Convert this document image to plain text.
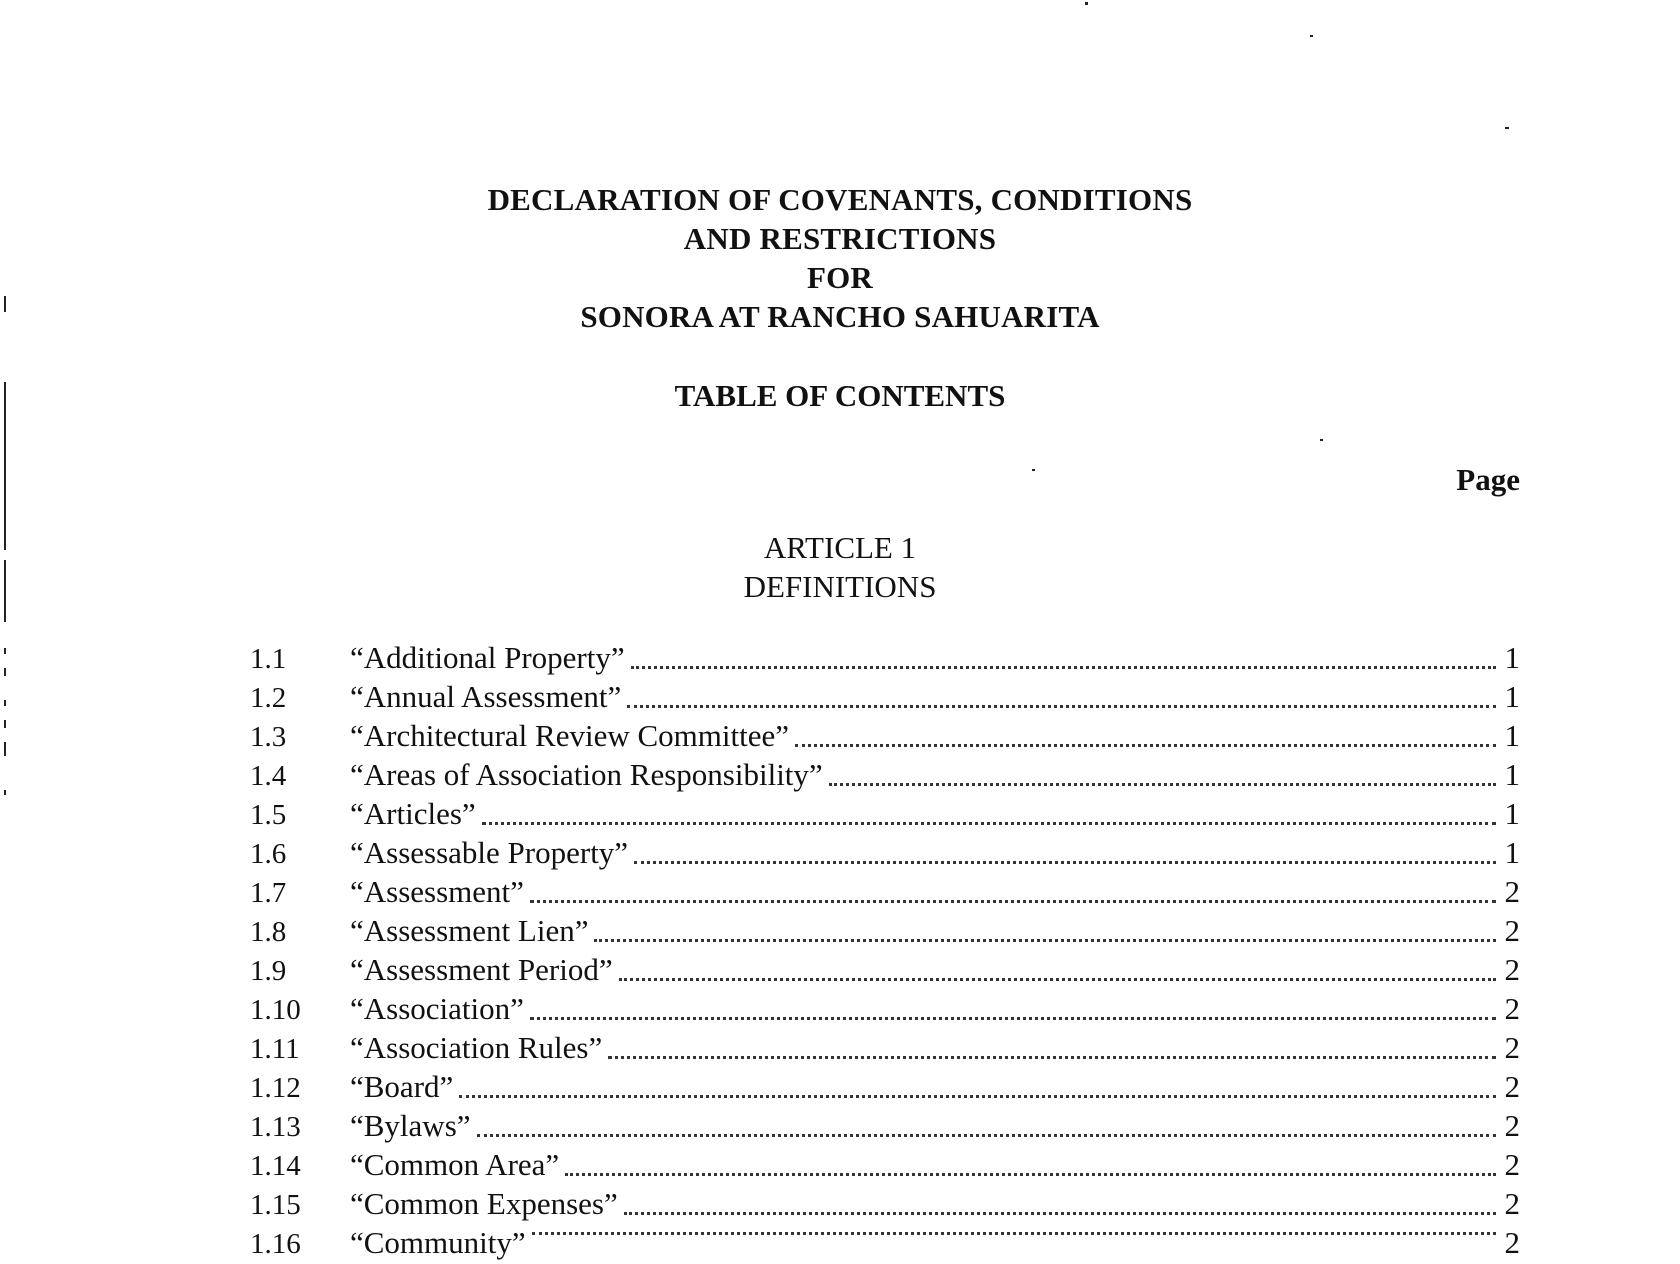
DECLARATION OF COVENANTS, CONDITIONS
AND RESTRICTIONS
FOR
SONORA AT RANCHO SAHUARITA
TABLE OF CONTENTS
Page
ARTICLE 1
DEFINITIONS
1.1	“Additional Property”	1
1.2	“Annual Assessment”	1
1.3	“Architectural Review Committee”	1
1.4	“Areas of Association Responsibility”	1
1.5	“Articles”	1
1.6	“Assessable Property”	1
1.7	“Assessment”	2
1.8	“Assessment Lien”	2
1.9	“Assessment Period”	2
1.10	“Association”	2
1.11	“Association Rules”	2
1.12	“Board”	2
1.13	“Bylaws”	2
1.14	“Common Area”	2
1.15	“Common Expenses”	2
1.16	“Community”	2
